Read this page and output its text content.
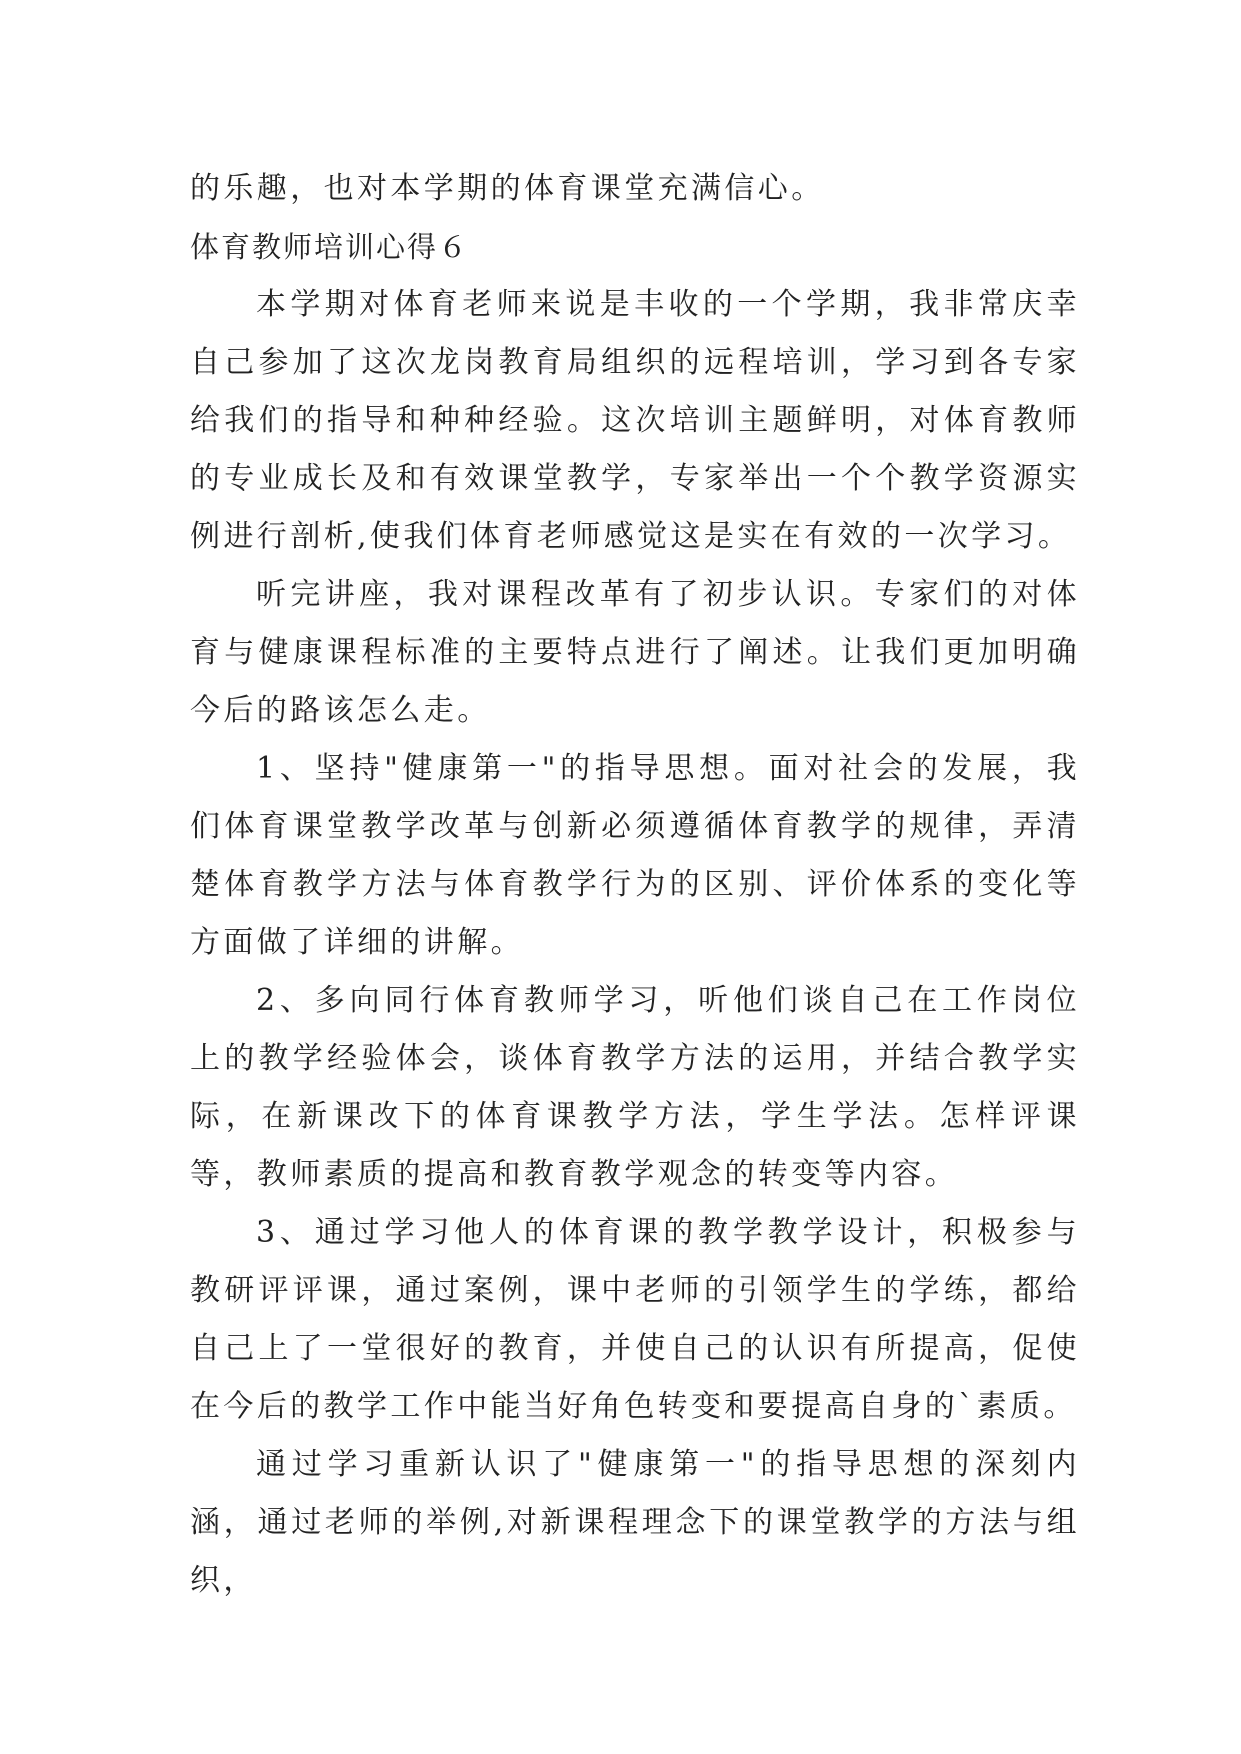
的乐趣，也对本学期的体育课堂充满信心。

体育教师培训心得６

本学期对体育老师来说是丰收的一个学期，我非常庆幸自己参加了这次龙岗教育局组织的远程培训，学习到各专家给我们的指导和种种经验。这次培训主题鲜明，对体育教师的专业成长及和有效课堂教学，专家举出一个个教学资源实例进行剖析,使我们体育老师感觉这是实在有效的一次学习。

听完讲座，我对课程改革有了初步认识。专家们的对体育与健康课程标准的主要特点进行了阐述。让我们更加明确今后的路该怎么走。

1、坚持"健康第一"的指导思想。面对社会的发展，我们体育课堂教学改革与创新必须遵循体育教学的规律，弄清楚体育教学方法与体育教学行为的区别、评价体系的变化等方面做了详细的讲解。

2、多向同行体育教师学习，听他们谈自己在工作岗位上的教学经验体会，谈体育教学方法的运用，并结合教学实际，在新课改下的体育课教学方法，学生学法。怎样评课等，教师素质的提高和教育教学观念的转变等内容。

3、通过学习他人的体育课的教学教学设计，积极参与教研评评课，通过案例，课中老师的引领学生的学练，都给自己上了一堂很好的教育，并使自己的认识有所提高，促使在今后的教学工作中能当好角色转变和要提高自身的`素质。

通过学习重新认识了"健康第一"的指导思想的深刻内涵，通过老师的举例,对新课程理念下的课堂教学的方法与组织，
